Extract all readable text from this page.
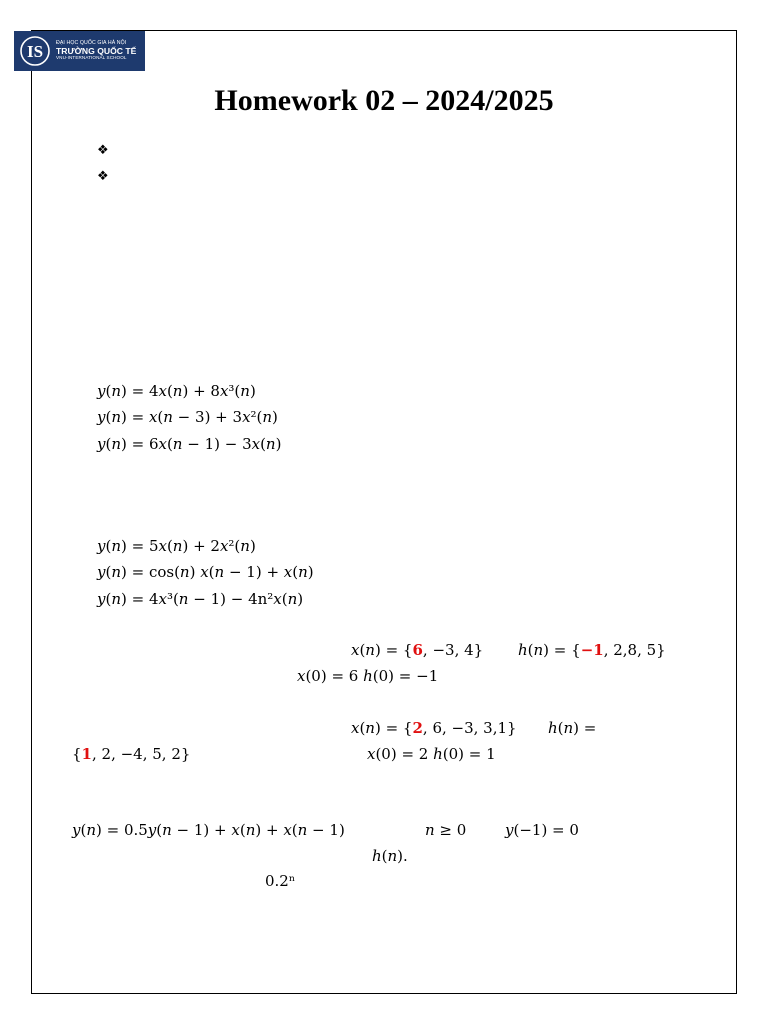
IS ĐẠI HỌC QUỐC GIA HÀ NỘI
TRƯỜNG QUỐC TẾ
VNU-INTERNATIONAL SCHOOL
Homework 02 – 2024/2025
❖
❖
𝑦(𝑛) = 4𝑥(𝑛) + 8𝑥³(𝑛)
𝑦(𝑛) = 𝑥(𝑛 − 3) + 3𝑥²(𝑛)
𝑦(𝑛) = 6𝑥(𝑛 − 1) − 3𝑥(𝑛)
𝑦(𝑛) = 5𝑥(𝑛) + 2𝑥²(𝑛)
𝑦(𝑛) = cos(𝑛) 𝑥(𝑛 − 1) + 𝑥(𝑛)
𝑦(𝑛) = 4𝑥³(𝑛 − 1) − 4n²𝑥(𝑛)
𝑥(𝑛) = {6, −3, 4} ℎ(𝑛) = {−1, 2,8, 5}
𝑥(0) = 6 ℎ(0) = −1
𝑥(𝑛) = {2, 6, −3, 3,1} ℎ(𝑛) =
{1, 2, −4, 5, 2}	𝑥(0) = 2 ℎ(0) = 1
𝑦(𝑛) = 0.5𝑦(𝑛 − 1) + 𝑥(𝑛) + 𝑥(𝑛 − 1)	𝑛 ≥ 0	𝑦(−1) = 0
ℎ(𝑛).
0.2ⁿ
